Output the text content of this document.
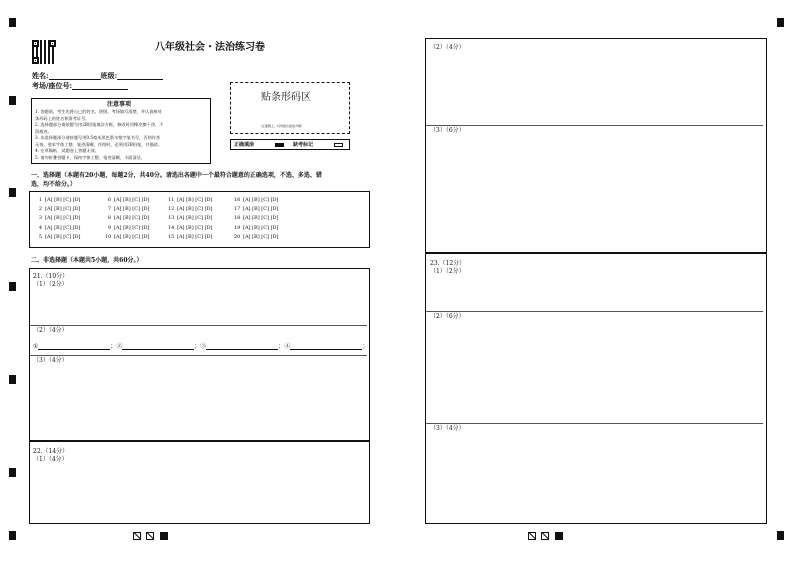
八年级社会・法治练习卷
姓名:	班级:
考场/座位号:
注意事项
1. 答题前，考生先将自己的姓名、班级、考场填写清楚，并认真核对
条形码上的姓名和准考证号。
2. 选择题部分请按题号用2B铅笔填涂方框，修改时用橡皮擦干净，不
留痕迹。
3. 非选择题部分请按题号用0.5毫米黑色墨水签字笔书写，否则作答
无效。要求字体工整、笔迹清晰。作图时，必须用2B铅笔，并描浓。
4. 在草稿纸、试题卷上答题无效。
5. 请勿折叠答题卡，保持字体工整、笔迹清晰、卡面清洁。
贴条形码区
（正面朝上，切勿贴出虚线方框）
正确填涂	缺考标记
一、选择题（本题有20小题，每题2分，共40分。请选出各题中一个最符合题意的正确选项，不选、多选、错
选，均不给分。）
1 [A] [B] [C] [D]
2 [A] [B] [C] [D]
3 [A] [B] [C] [D]
4 [A] [B] [C] [D]
5 [A] [B] [C] [D]
6 [A] [B] [C] [D]
7 [A] [B] [C] [D]
8 [A] [B] [C] [D]
9 [A] [B] [C] [D]
10 [A] [B] [C] [D]
11 [A] [B] [C] [D]
12 [A] [B] [C] [D]
13 [A] [B] [C] [D]
14 [A] [B] [C] [D]
15 [A] [B] [C] [D]
16 [A] [B] [C] [D]
17 [A] [B] [C] [D]
18 [A] [B] [C] [D]
19 [A] [B] [C] [D]
20 [A] [B] [C] [D]
二、非选择题（本题共5小题，共60分。）
21.（10分）
（1）（2分）
（2）（4分）
①	；②	；③	；④	；
（3）（4分）
22.（14分）
（1）（4分）
（2）（4分）
（3）（6分）
23.（12分）
（1）（2分）
（2）（6分）
（3）（4分）
